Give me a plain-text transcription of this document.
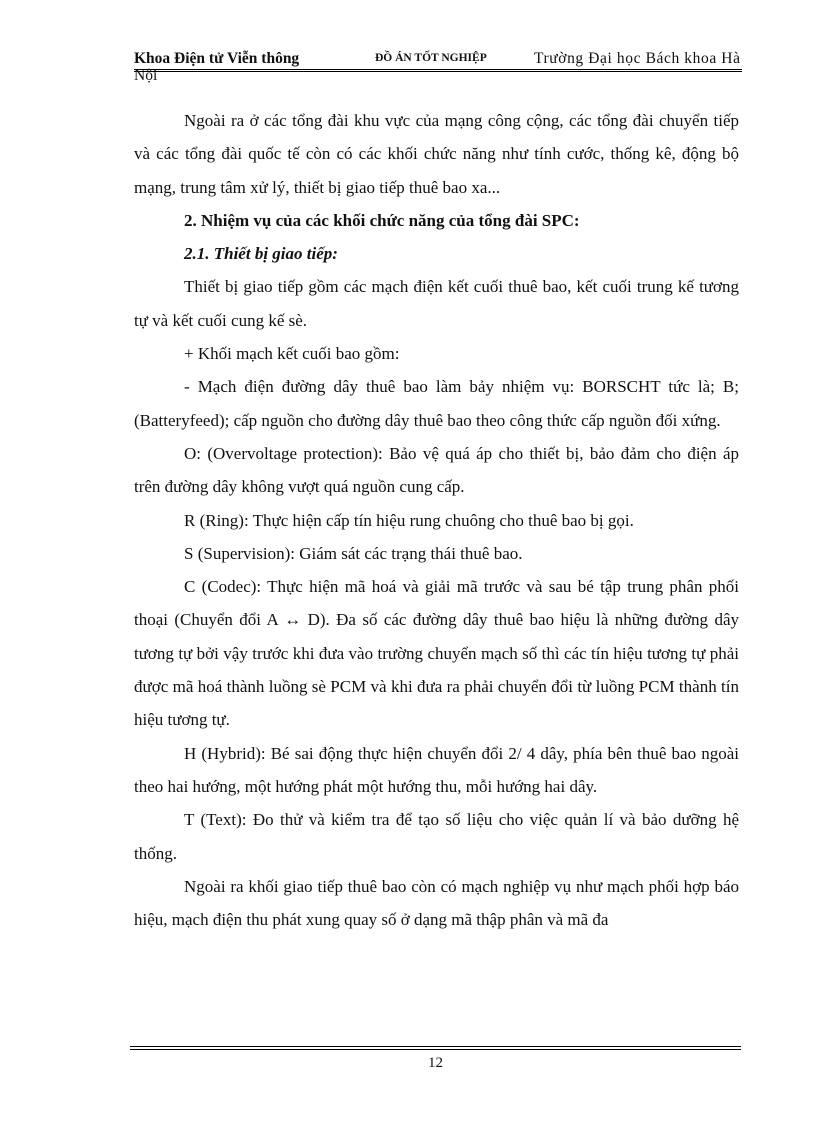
Khoa Điện tử Viễn thông	ĐỒ ÁN TỐT NGHIỆP	Trường Đại học Bách khoa Hà
Nội

Ngoài ra ở các tổng đài khu vực của mạng công cộng, các tổng đài chuyển tiếp và các tổng đài quốc tế còn có các khối chức năng như tính cước, thống kê, động bộ mạng, trung tâm xử lý, thiết bị giao tiếp thuê bao xa...

2. Nhiệm vụ của các khối chức năng của tổng đài SPC:

2.1. Thiết bị giao tiếp:

Thiết bị giao tiếp gồm các mạch điện kết cuối thuê bao, kết cuối trung kế tương tự và kết cuối cung kế sè.

+ Khối mạch kết cuối bao gồm:

- Mạch điện đường dây thuê bao làm bảy nhiệm vụ: BORSCHT tức là; B; (Batteryfeed); cấp nguồn cho đường dây thuê bao theo công thức cấp nguồn đối xứng.

O: (Overvoltage protection): Bảo vệ quá áp cho thiết bị, bảo đảm cho điện áp trên đường dây không vượt quá nguồn cung cấp.

R (Ring): Thực hiện cấp tín hiệu rung chuông cho thuê bao bị gọi.

S (Supervision): Giám sát các trạng thái thuê bao.

C (Codec): Thực hiện mã hoá và giải mã trước và sau bé tập trung phân phối thoại (Chuyển đổi A ↔ D). Đa số các đường dây thuê bao hiệu là những đường dây tương tự bởi vậy trước khi đưa vào trường chuyển mạch số thì các tín hiệu tương tự phải được mã hoá thành luồng sè PCM và khi đưa ra phải chuyển đổi từ luồng PCM thành tín hiệu tương tự.

H (Hybrid): Bé sai động thực hiện chuyển đổi 2/ 4 dây, phía bên thuê bao ngoài theo hai hướng, một hướng phát một hướng thu, mỗi hướng hai dây.

T (Text): Đo thử và kiểm tra để tạo số liệu cho việc quản lí và bảo dưỡng hệ thống.

Ngoài ra khối giao tiếp thuê bao còn có mạch nghiệp vụ như mạch phối hợp báo hiệu, mạch điện thu phát xung quay số ở dạng mã thập phân và mã đa

12
